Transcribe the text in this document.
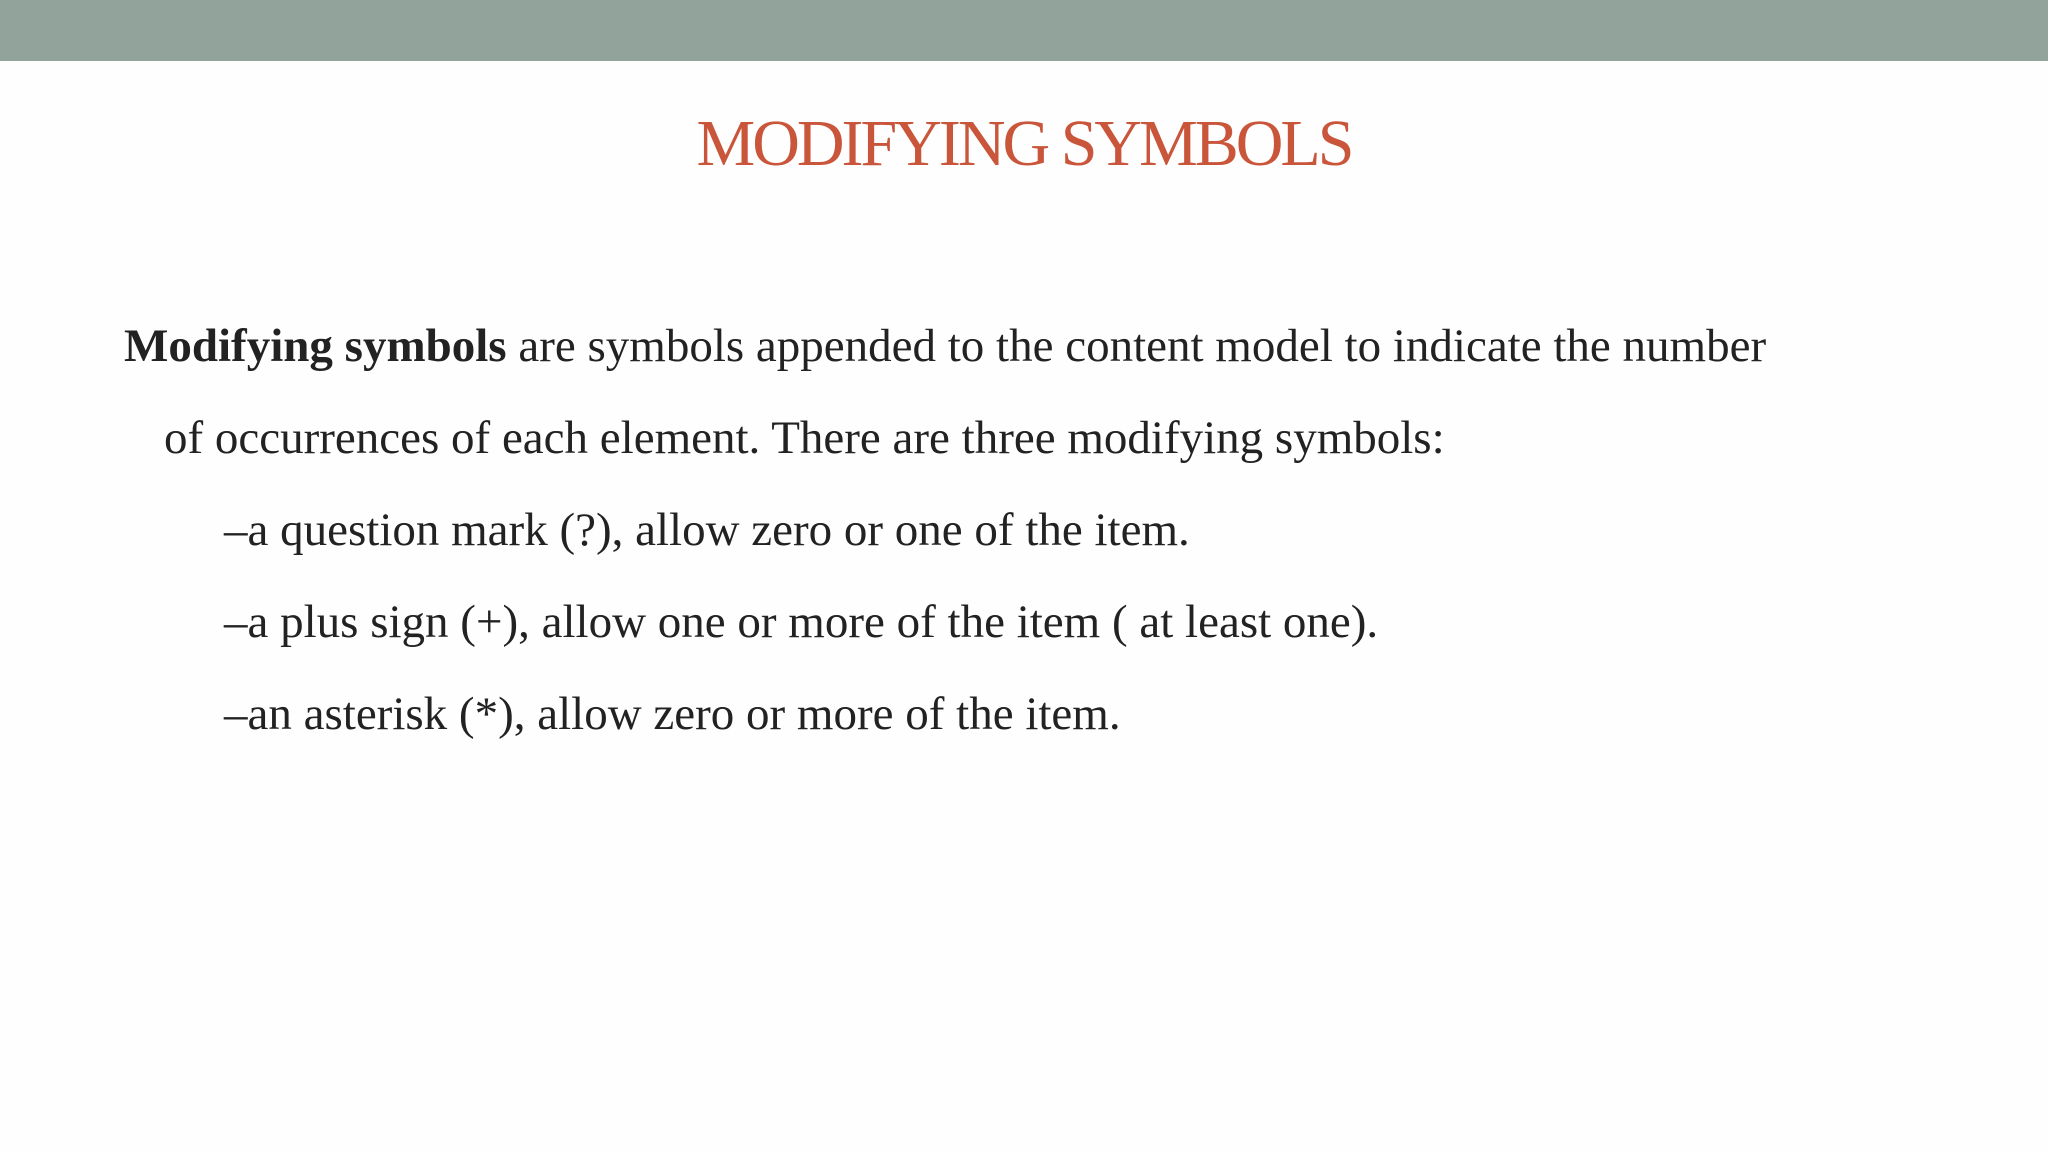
MODIFYING SYMBOLS

Modifying symbols are symbols appended to the content model to indicate the number
of occurrences of each element. There are three modifying symbols:

–a question mark (?), allow zero or one of the item.
–a plus sign (+), allow one or more of the item ( at least one).
–an asterisk (*), allow zero or more of the item.
